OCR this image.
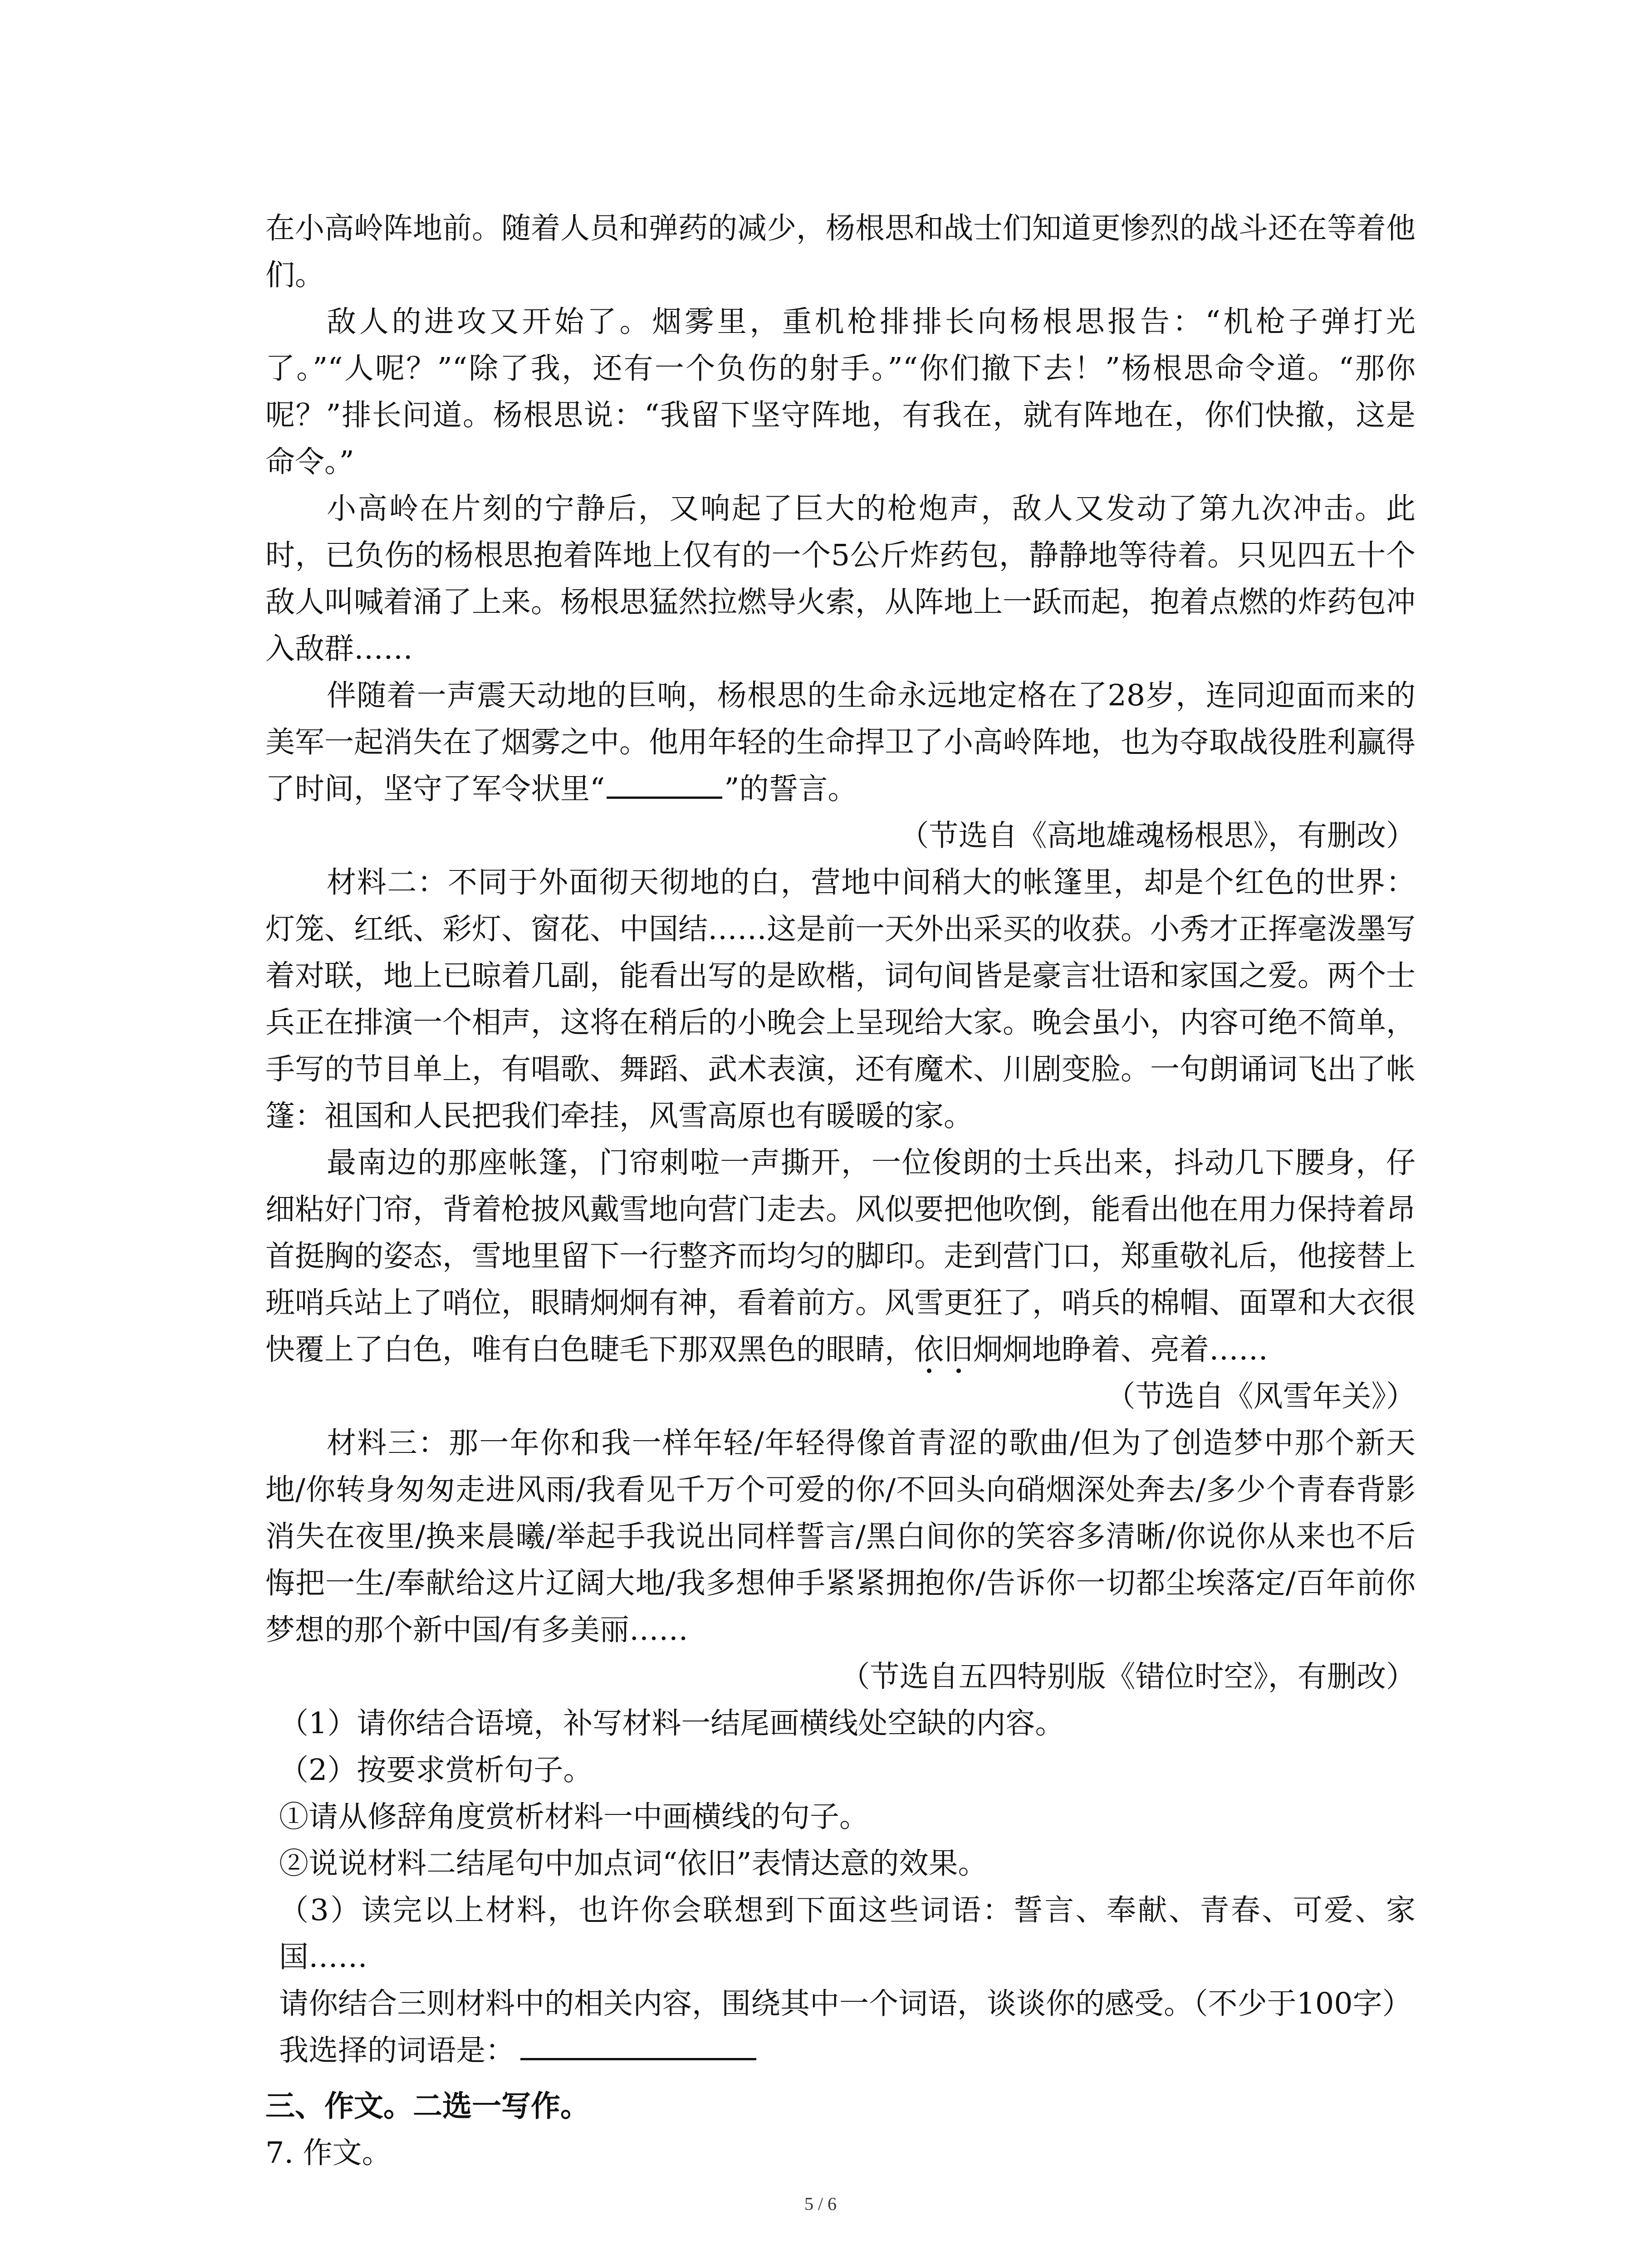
在小高岭阵地前。随着人员和弹药的减少，杨根思和战士们知道更惨烈的战斗还在等着他们。

敌人的进攻又开始了。烟雾里，重机枪排排长向杨根思报告：“机枪子弹打光了。”“人呢？”“除了我，还有一个负伤的射手。”“你们撤下去！”杨根思命令道。“那你呢？”排长问道。杨根思说：“我留下坚守阵地，有我在，就有阵地在，你们快撤，这是命令。”

小高岭在片刻的宁静后，又响起了巨大的枪炮声，敌人又发动了第九次冲击。此时，已负伤的杨根思抱着阵地上仅有的一个5公斤炸药包，静静地等待着。只见四五十个敌人叫喊着涌了上来。杨根思猛然拉燃导火索，从阵地上一跃而起，抱着点燃的炸药包冲入敌群……

伴随着一声震天动地的巨响，杨根思的生命永远地定格在了28岁，连同迎面而来的美军一起消失在了烟雾之中。他用年轻的生命捍卫了小高岭阵地，也为夺取战役胜利赢得了时间，坚守了军令状里“	”的誓言。

（节选自《高地雄魂杨根思》，有删改）

材料二：不同于外面彻天彻地的白，营地中间稍大的帐篷里，却是个红色的世界：灯笼、红纸、彩灯、窗花、中国结……这是前一天外出采买的收获。小秀才正挥毫泼墨写着对联，地上已晾着几副，能看出写的是欧楷，词句间皆是豪言壮语和家国之爱。两个士兵正在排演一个相声，这将在稍后的小晚会上呈现给大家。晚会虽小，内容可绝不简单，手写的节目单上，有唱歌、舞蹈、武术表演，还有魔术、川剧变脸。一句朗诵词飞出了帐篷：祖国和人民把我们牵挂，风雪高原也有暖暖的家。

最南边的那座帐篷，门帘刺啦一声撕开，一位俊朗的士兵出来，抖动几下腰身，仔细粘好门帘，背着枪披风戴雪地向营门走去。风似要把他吹倒，能看出他在用力保持着昂首挺胸的姿态，雪地里留下一行整齐而均匀的脚印。走到营门口，郑重敬礼后，他接替上班哨兵站上了哨位，眼睛炯炯有神，看着前方。风雪更狂了，哨兵的棉帽、面罩和大衣很快覆上了白色，唯有白色睫毛下那双黑色的眼睛，依旧炯炯地睁着、亮着……

（节选自《风雪年关》）

材料三：那一年你和我一样年轻/年轻得像首青涩的歌曲/但为了创造梦中那个新天地/你转身匆匆走进风雨/我看见千万个可爱的你/不回头向硝烟深处奔去/多少个青春背影消失在夜里/换来晨曦/举起手我说出同样誓言/黑白间你的笑容多清晰/你说你从来也不后悔把一生/奉献给这片辽阔大地/我多想伸手紧紧拥抱你/告诉你一切都尘埃落定/百年前你梦想的那个新中国/有多美丽……

（节选自五四特别版《错位时空》，有删改）

（1）请你结合语境，补写材料一结尾画横线处空缺的内容。

（2）按要求赏析句子。

①请从修辞角度赏析材料一中画横线的句子。

②说说材料二结尾句中加点词“依旧”表情达意的效果。

（3）读完以上材料，也许你会联想到下面这些词语：誓言、奉献、青春、可爱、家国……

请你结合三则材料中的相关内容，围绕其中一个词语，谈谈你的感受。（不少于100字）

我选择的词语是：

三、作文。二选一写作。

7. 作文。

5 / 6
